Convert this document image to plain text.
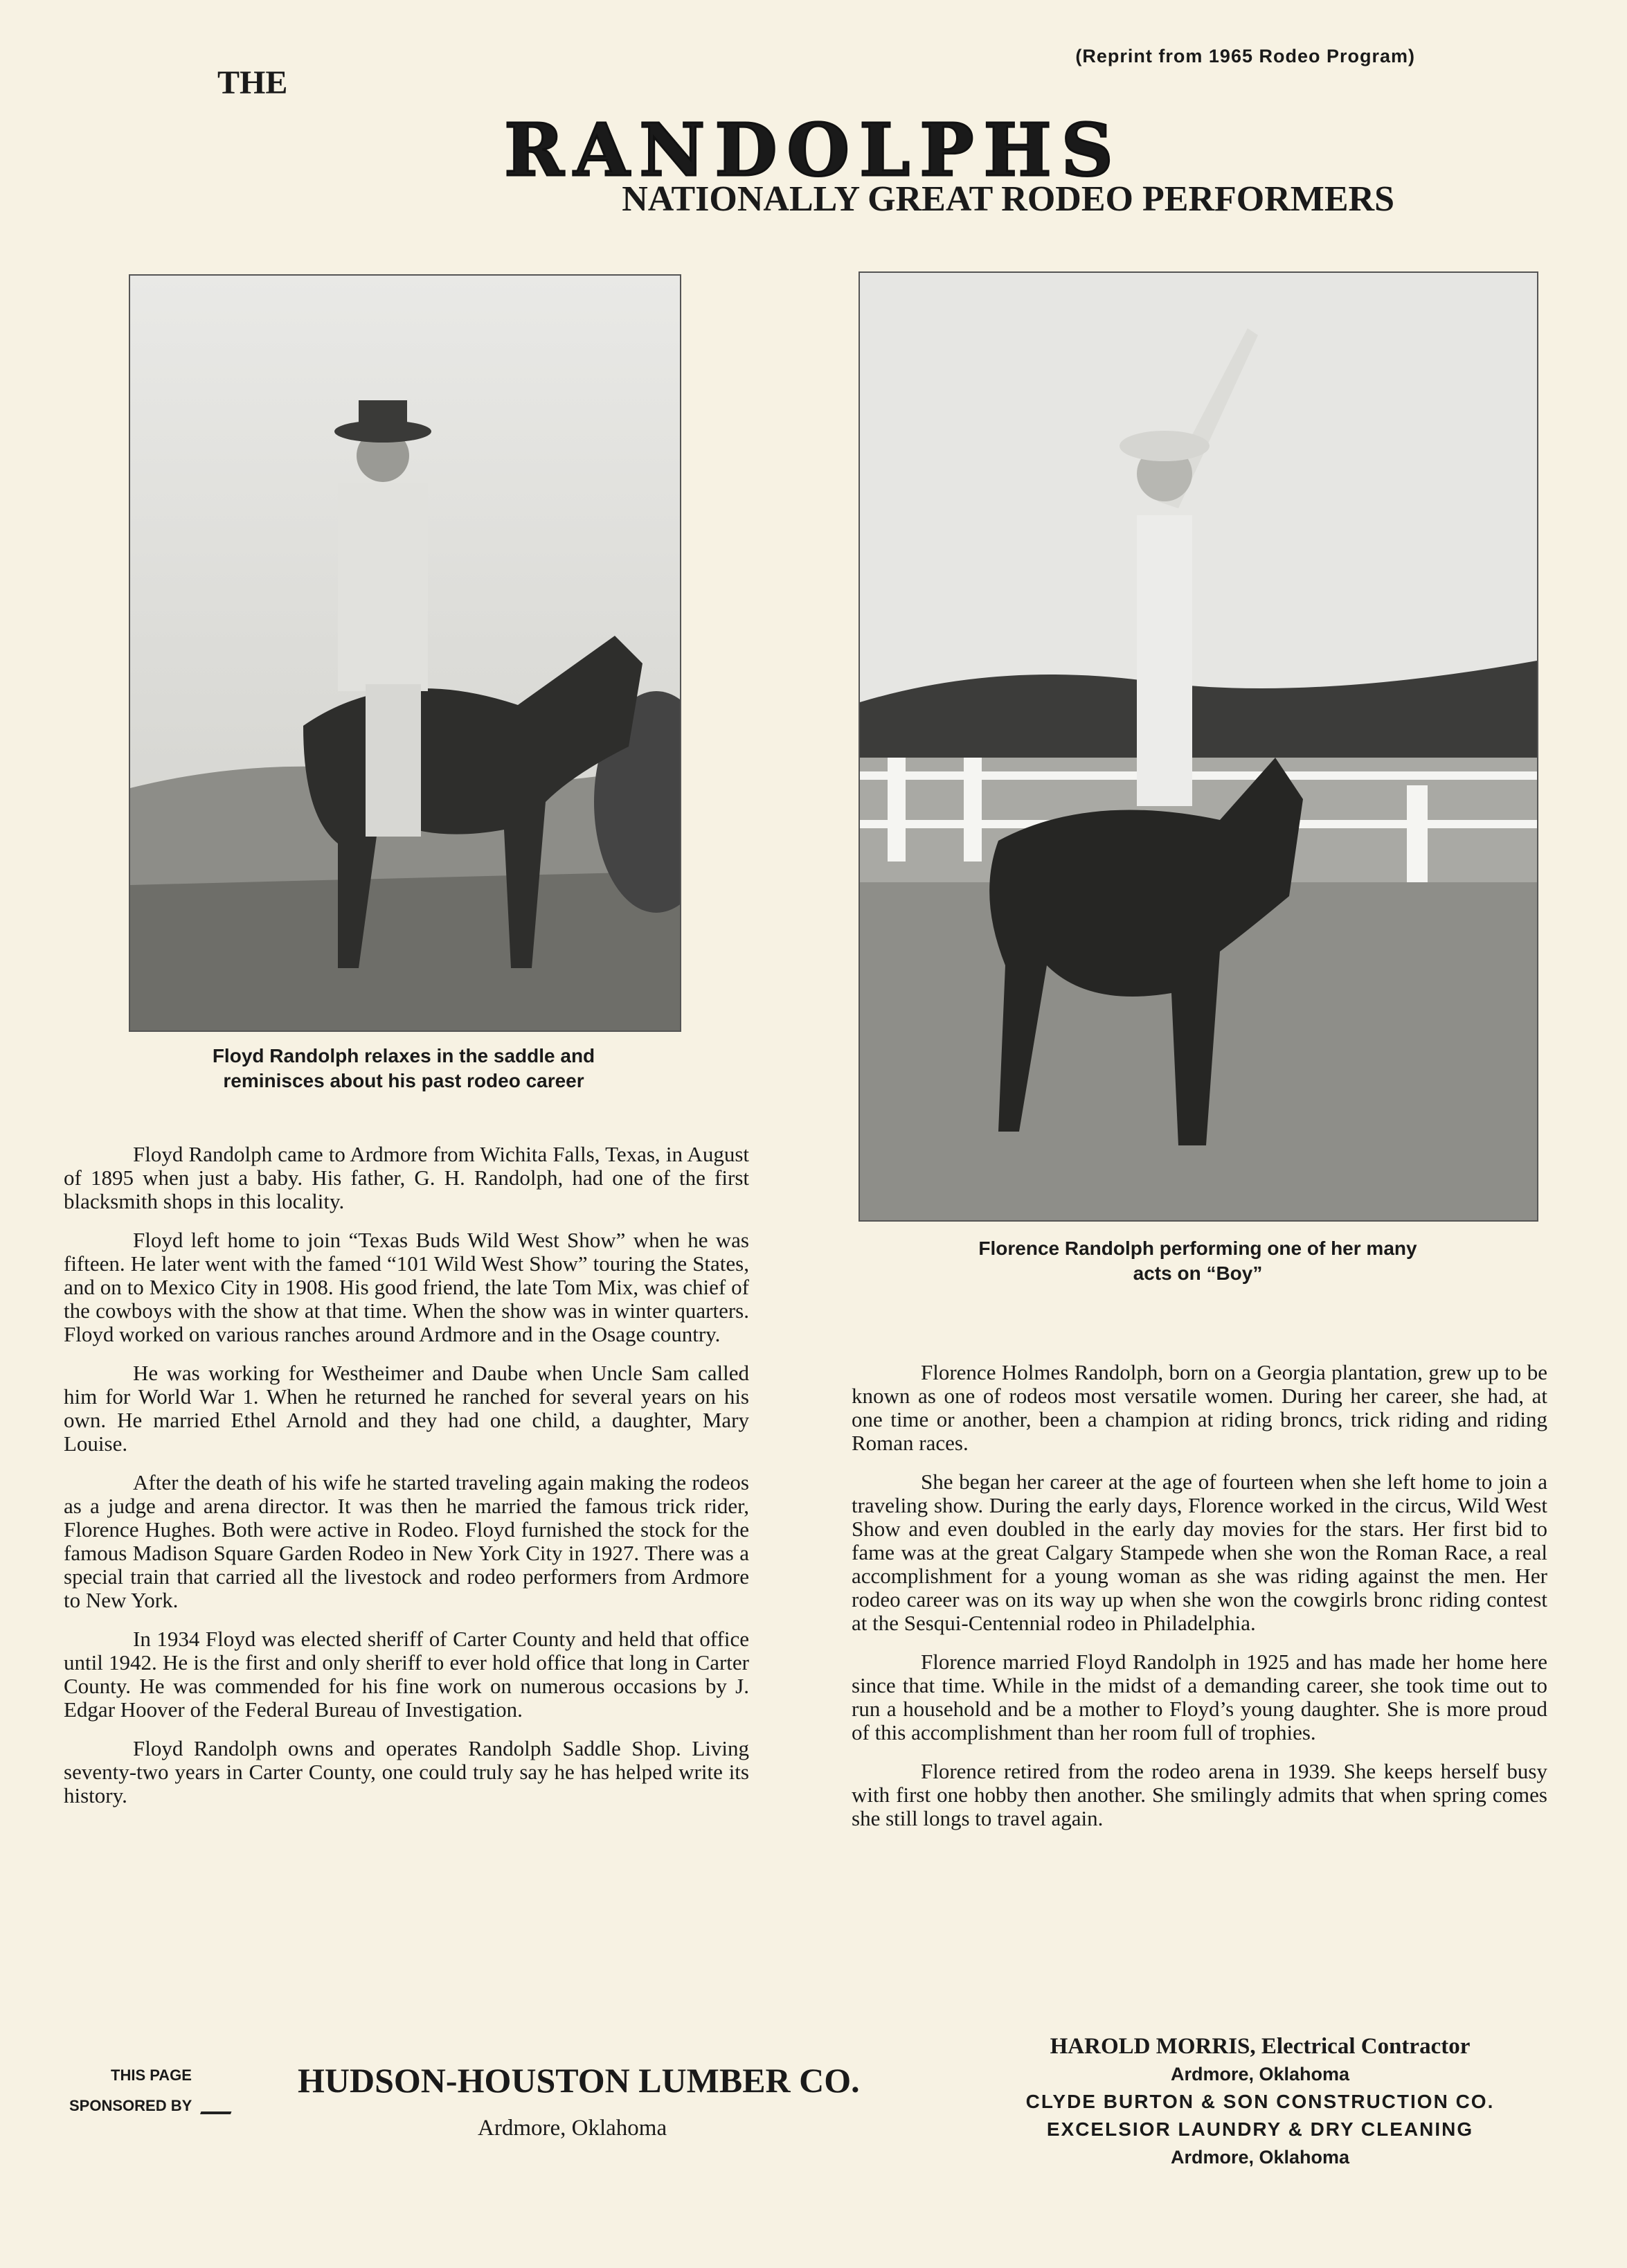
(Reprint from 1965 Rodeo Program)
THE
RANDOLPHS
NATIONALLY GREAT RODEO PERFORMERS
Floyd Randolph relaxes in the saddle and
reminisces about his past rodeo career
Florence Randolph performing one of her many
acts on “Boy”

Floyd Randolph came to Ardmore from Wichita Falls, Texas, in August of 1895 when just a baby. His father, G. H. Randolph, had one of the first blacksmith shops in this locality.

Floyd left home to join “Texas Buds Wild West Show” when he was fifteen. He later went with the famed “101 Wild West Show” touring the States, and on to Mexico City in 1908. His good friend, the late Tom Mix, was chief of the cowboys with the show at that time. When the show was in winter quarters. Floyd worked on various ranches around Ardmore and in the Osage country.

He was working for Westheimer and Daube when Uncle Sam called him for World War 1. When he returned he ranched for several years on his own. He married Ethel Arnold and they had one child, a daughter, Mary Louise.

After the death of his wife he started traveling again making the rodeos as a judge and arena director. It was then he married the famous trick rider, Florence Hughes. Both were active in Rodeo. Floyd furnished the stock for the famous Madison Square Garden Rodeo in New York City in 1927. There was a special train that carried all the livestock and rodeo performers from Ardmore to New York.

In 1934 Floyd was elected sheriff of Carter County and held that office until 1942. He is the first and only sheriff to ever hold office that long in Carter County. He was commended for his fine work on numerous occasions by J. Edgar Hoover of the Federal Bureau of Investigation.

Floyd Randolph owns and operates Randolph Saddle Shop. Living seventy-two years in Carter County, one could truly say he has helped write its history.

Florence Holmes Randolph, born on a Georgia plantation, grew up to be known as one of rodeos most versatile women. During her career, she had, at one time or another, been a champion at riding broncs, trick riding and riding Roman races.

She began her career at the age of fourteen when she left home to join a traveling show. During the early days, Florence worked in the circus, Wild West Show and even doubled in the early day movies for the stars. Her first bid to fame was at the great Calgary Stampede when she won the Roman Race, a real accomplishment for a young woman as she was riding against the men. Her rodeo career was on its way up when she won the cowgirls bronc riding contest at the Sesqui-Centennial rodeo in Philadelphia.

Florence married Floyd Randolph in 1925 and has made her home here since that time. While in the midst of a demanding career, she took time out to run a household and be a mother to Floyd’s young daughter. She is more proud of this accomplishment than her room full of trophies.

Florence retired from the rodeo arena in 1939. She keeps herself busy with first one hobby then another. She smilingly admits that when spring comes she still longs to travel again.

THIS PAGE
SPONSORED BY
HUDSON-HOUSTON LUMBER CO.
Ardmore, Oklahoma
HAROLD MORRIS, Electrical Contractor
Ardmore, Oklahoma
CLYDE BURTON & SON CONSTRUCTION CO.
EXCELSIOR LAUNDRY & DRY CLEANING
Ardmore, Oklahoma
